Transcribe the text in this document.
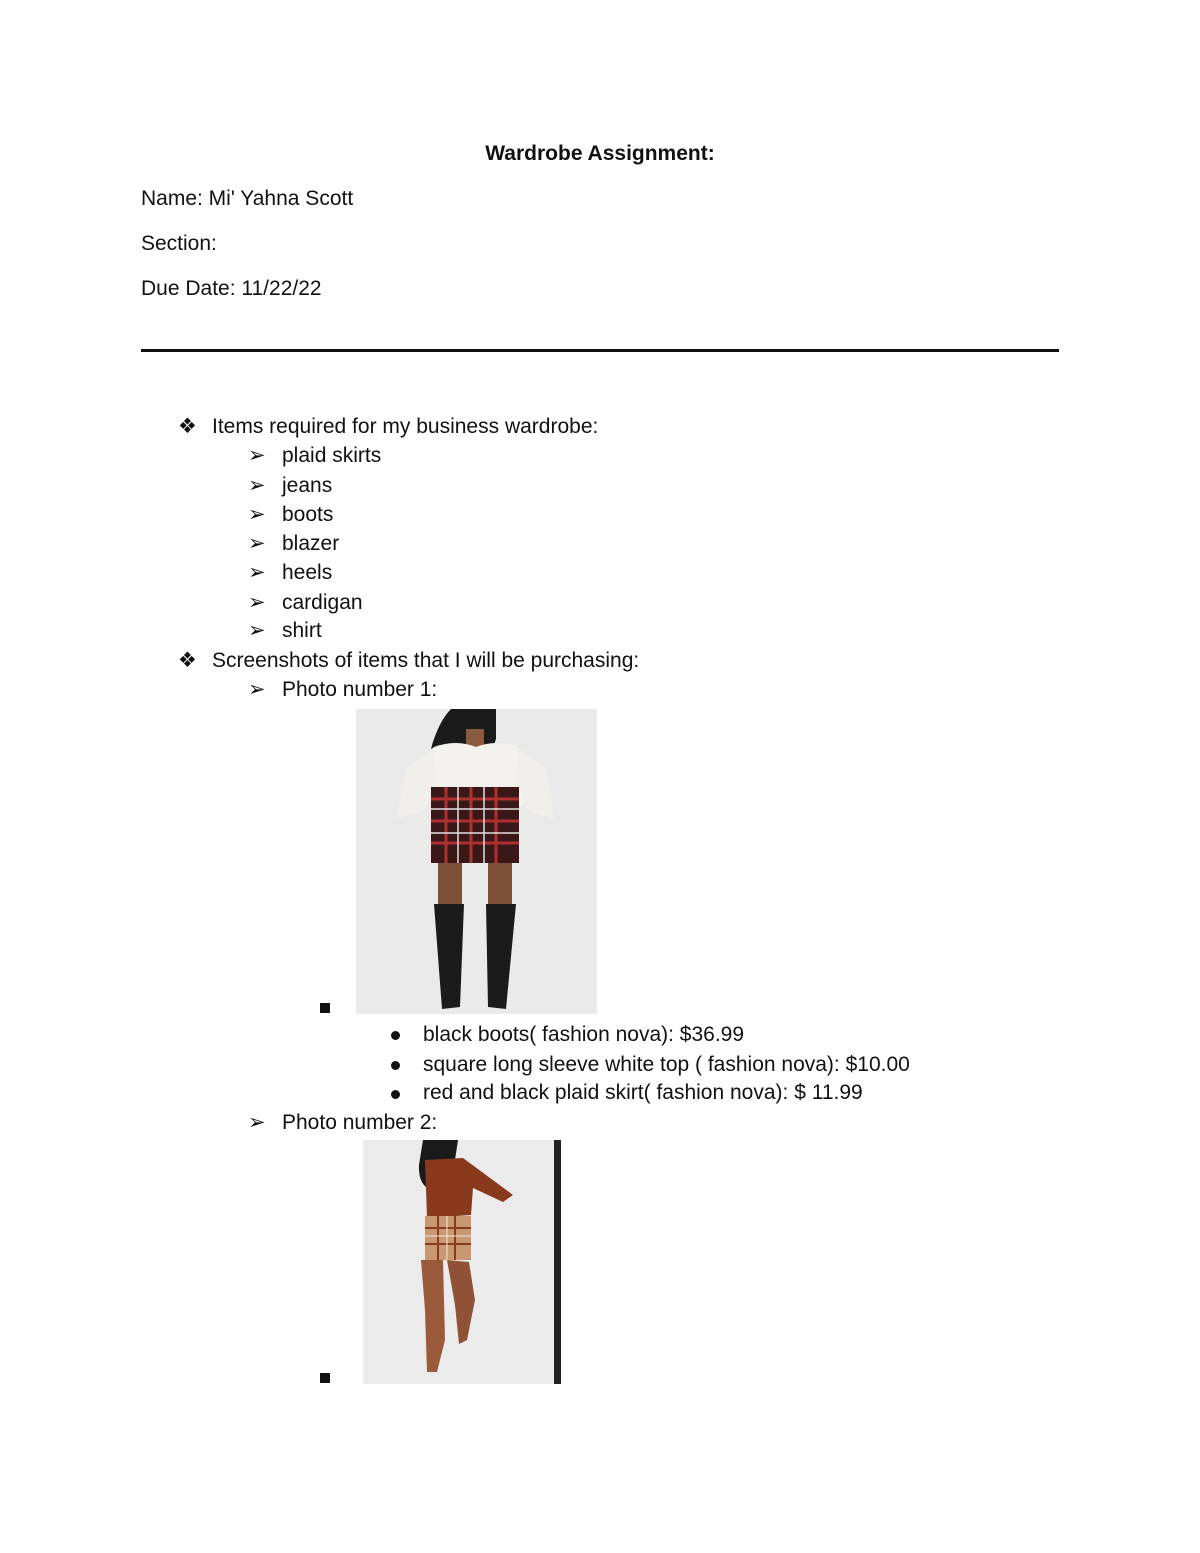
Wardrobe Assignment:
Name: Mi' Yahna Scott
Section:
Due Date: 11/22/22
❖ Items required for my business wardrobe:
➢ plaid skirts
➢ jeans
➢ boots
➢ blazer
➢ heels
➢ cardigan
➢ shirt
❖ Screenshots of items that I will be purchasing:
➢ Photo number 1:
black boots( fashion nova): $36.99
square long sleeve white top ( fashion nova): $10.00
red and black plaid skirt( fashion nova): $ 11.99
➢ Photo number 2:
